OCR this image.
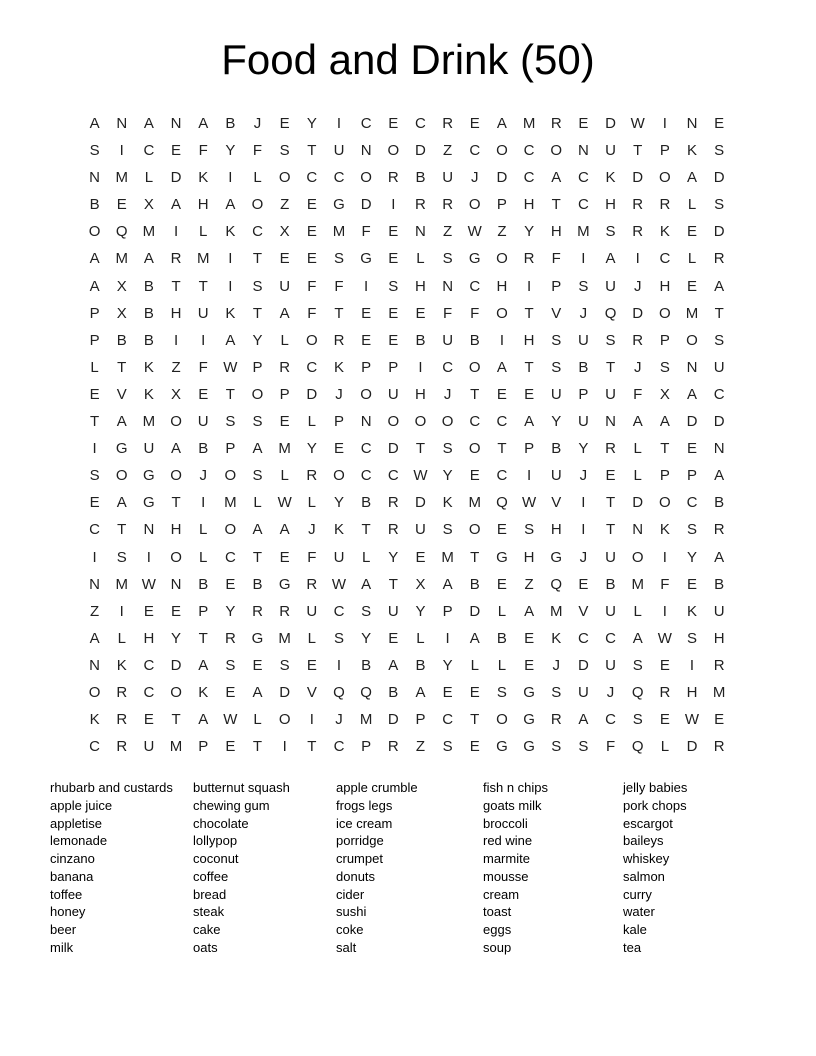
Food and Drink (50)
A	N	A	N	A	B	J	E	Y	I	C	E	C	R	E	A	M	R	E	D W	I	N	E
S	I	C	E	F	Y	F	S	T	U	N	O	D	Z	C	O	C	O	N	U	T	P	K	S
N	M	L	D	K	I	L	O	C	C	O	R	B	U	J	D	C	A	C	K	D	O	A	D
B	E	X	A	H	A	O	Z	E	G	D	I	R	R	O	P	H	T	C	H	R	R	L	S
O	Q	M	I	L	K	C	X	E	M	F	E	N	Z	W	Z	Y	H	M	S	R	K	E	D
A	M	A	R	M	I	T	E	E	S	G	E	L	S	G	O	R	F	I	A	I	C	L	R
A	X	B	T	T	I	S	U	F	F	I	S	H	N	C	H	I	P	S	U	J	H	E	A
P	X	B	H	U	K	T	A	F	T	E	E	E	F	F	O	T	V	J	Q	D	O	M	T
P	B	B	I	I	A	Y	L	O	R	E	E	B	U	B	I	H	S	U	S	R	P	O	S
L	T	K	Z	F	W	P	R	C	K	P	P	I	C	O	A	T	S	B	T	J	S	N	U
E	V	K	X	E	T	O	P	D	J	O	U	H	J	T	E	E	U	P	U	F	X	A	C
T	A	M	O	U	S	S	E	L	P	N	O	O	O	C	C	A	Y	U	N	A	A	D	D
I	G	U	A	B	P	A	M	Y	E	C	D	T	S	O	T	P	B	Y	R	L	T	E	N
S	O	G	O	J	O	S	L	R	O	C	C W	Y	E	C	I	U	J	E	L	P	P	A
E	A	G	T	I	M	L	W	L	Y	B	R	D	K	M	Q W	V	I	T	D	O	C	B
C	T	N	H	L	O	A	A	J	K	T	R	U	S	O	E	S	H	I	T	N	K	S	R
I	S	I	O	L	C	T	E	F	U	L	Y	E	M	T	G	H	G	J	U	O	I	Y	A
N	M W N	B	E	B	G	R W	A	T	X	A	B	E	Z	Q	E	B	M	F	E	B
Z	I	E	E	P	Y	R	R	U	C	S	U	Y	P	D	L	A	M	V	U	L	I	K	U
A	L	H	Y	T	R	G	M	L	S	Y	E	L	I	A	B	E	K	C	C	A	W	S	H
N	K	C	D	A	S	E	S	E	I	B	A	B	Y	L	L	E	J	D	U	S	E	I	R
O	R	C	O	K	E	A	D	V	Q	Q	B	A	E	E	S	G	S	U	J	Q	R	H	M
K	R	E	T	A	W	L	O	I	J	M	D	P	C	T	O	G	R	A	C	S	E	W	E
C	R	U	M	P	E	T	I	T	C	P	R	Z	S	E	G	G	S	S	F	Q	L	D	R
rhubarb and custards
apple juice
appletise
lemonade
cinzano
banana
toffee
honey
beer
milk
butternut squash
chewing gum
chocolate
lollypop
coconut
coffee
bread
steak
cake
oats
apple crumble
frogs legs
ice cream
porridge
crumpet
donuts
cider
sushi
coke
salt
fish n chips
goats milk
broccoli
red wine
marmite
mousse
cream
toast
eggs
soup
jelly babies
pork chops
escargot
baileys
whiskey
salmon
curry
water
kale
tea
